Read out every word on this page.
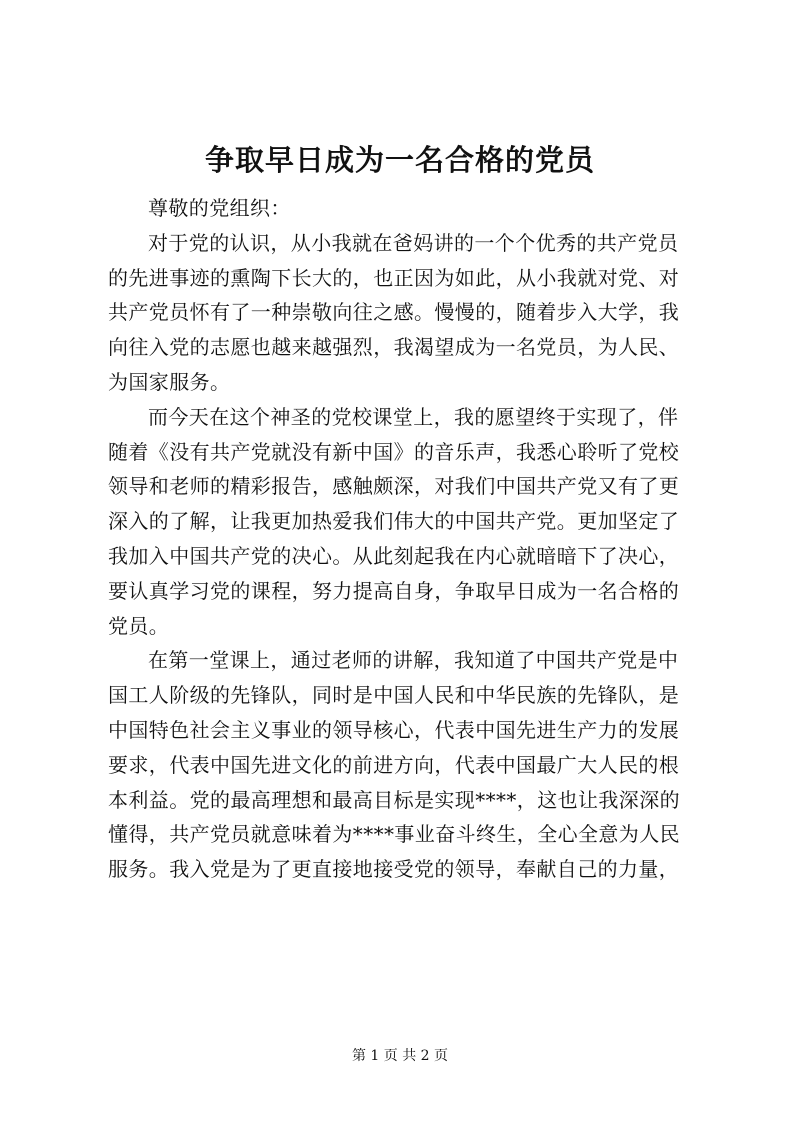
争取早日成为一名合格的党员
尊敬的党组织：
对于党的认识，从小我就在爸妈讲的一个个优秀的共产党员
的先进事迹的熏陶下长大的，也正因为如此，从小我就对党、对
共产党员怀有了一种崇敬向往之感。慢慢的，随着步入大学，我
向往入党的志愿也越来越强烈，我渴望成为一名党员，为人民、
为国家服务。
而今天在这个神圣的党校课堂上，我的愿望终于实现了，伴
随着《没有共产党就没有新中国》的音乐声，我悉心聆听了党校
领导和老师的精彩报告，感触颇深，对我们中国共产党又有了更
深入的了解，让我更加热爱我们伟大的中国共产党。更加坚定了
我加入中国共产党的决心。从此刻起我在内心就暗暗下了决心，
要认真学习党的课程，努力提高自身，争取早日成为一名合格的
党员。
在第一堂课上，通过老师的讲解，我知道了中国共产党是中
国工人阶级的先锋队，同时是中国人民和中华民族的先锋队，是
中国特色社会主义事业的领导核心，代表中国先进生产力的发展
要求，代表中国先进文化的前进方向，代表中国最广大人民的根
本利益。党的最高理想和最高目标是实现****，这也让我深深的
懂得，共产党员就意味着为****事业奋斗终生，全心全意为人民
服务。我入党是为了更直接地接受党的领导，奉献自己的力量，
第 1 页 共 2 页
